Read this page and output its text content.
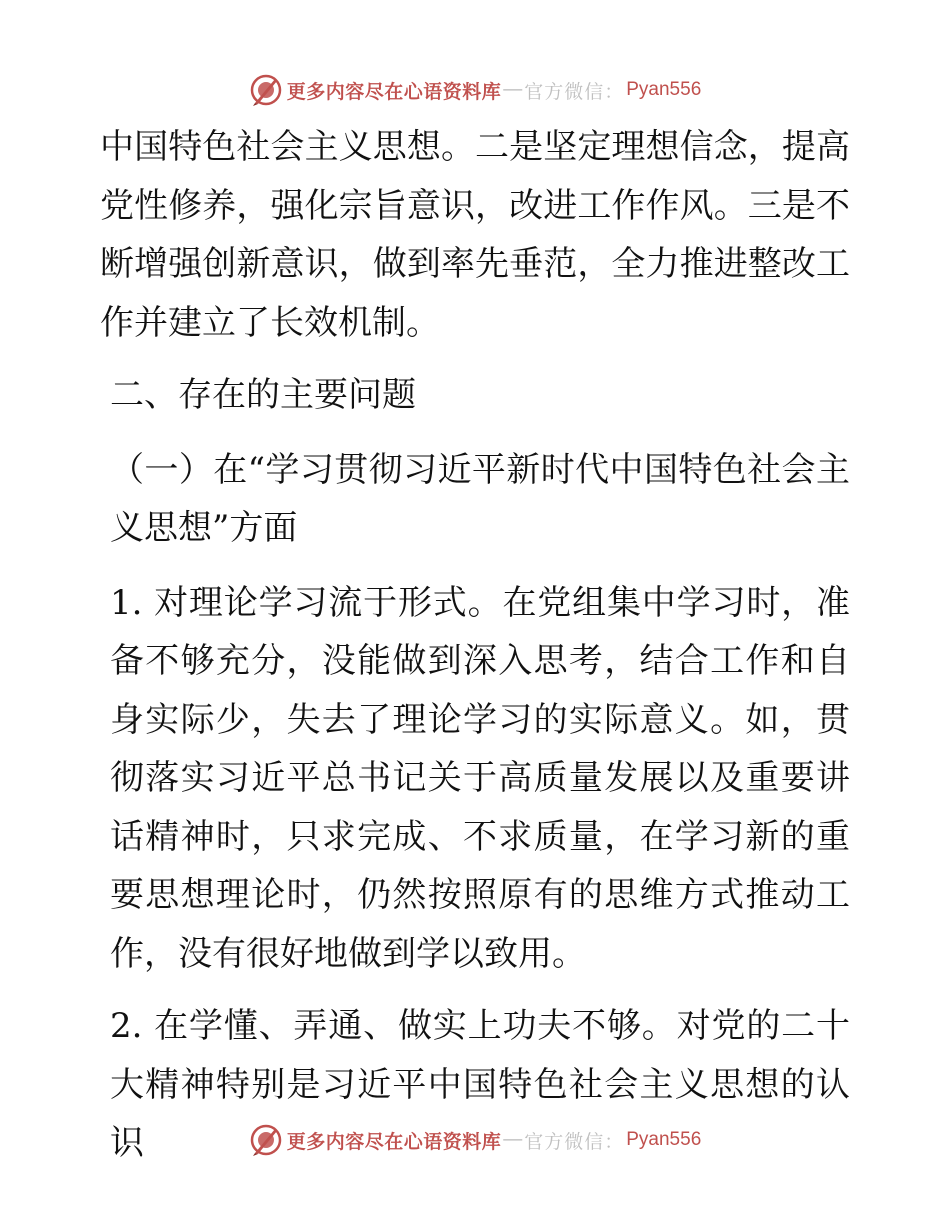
更多内容尽在心语资料库 — 官方微信： Pyan556

中国特色社会主义思想。二是坚定理想信念，提高党性修养，强化宗旨意识，改进工作作风。三是不断增强创新意识，做到率先垂范，全力推进整改工作并建立了长效机制。

二、存在的主要问题

（一）在“学习贯彻习近平新时代中国特色社会主义思想”方面

1. 对理论学习流于形式。在党组集中学习时，准备不够充分，没能做到深入思考，结合工作和自身实际少，失去了理论学习的实际意义。如，贯彻落实习近平总书记关于高质量发展以及重要讲话精神时，只求完成、不求质量，在学习新的重要思想理论时，仍然按照原有的思维方式推动工作，没有很好地做到学以致用。

2. 在学懂、弄通、做实上功夫不够。对党的二十大精神特别是习近平中国特色社会主义思想的认识	更多内容尽在心语资料库 — 官方微信： Pyan556
